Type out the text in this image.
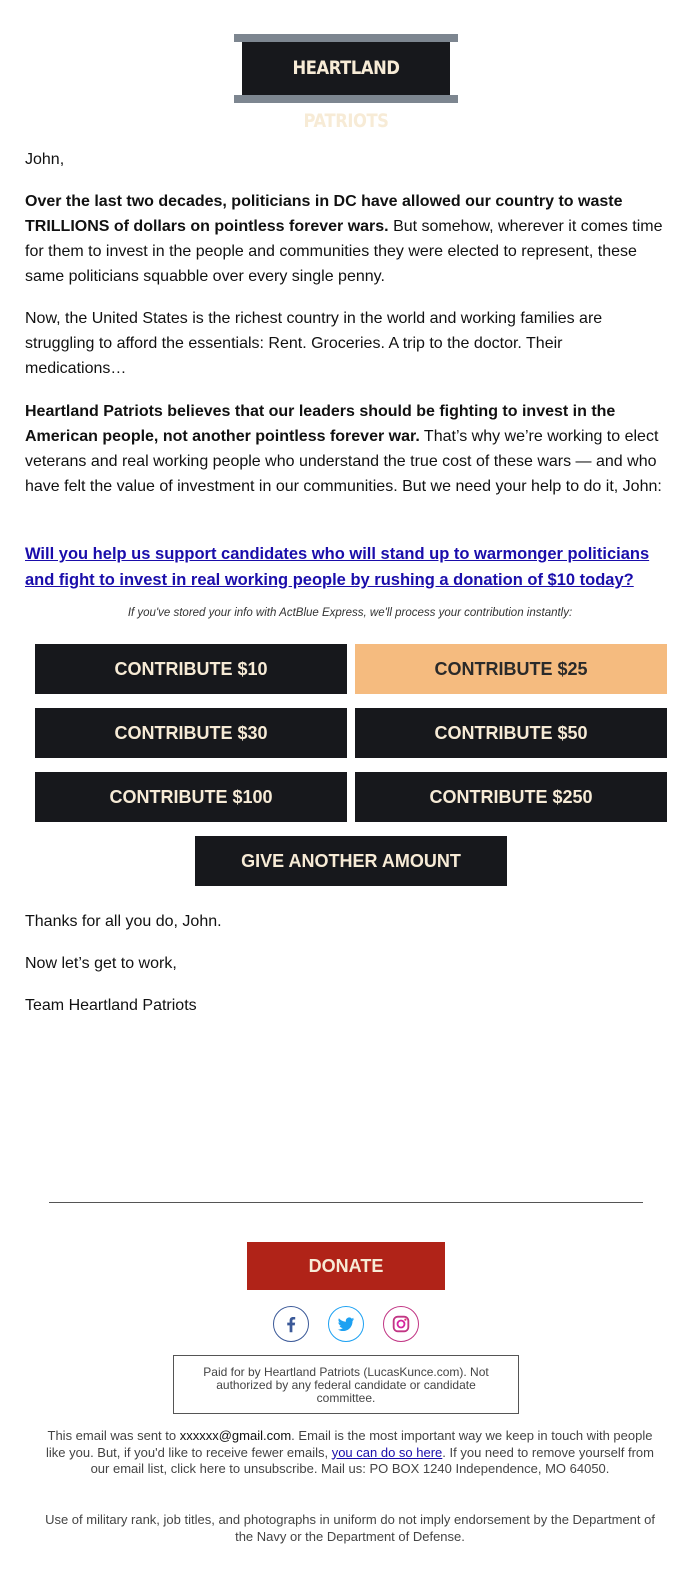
HEARTLAND PATRIOTS
John,
Over the last two decades, politicians in DC have allowed our country to waste TRILLIONS of dollars on pointless forever wars. But somehow, wherever it comes time for them to invest in the people and communities they were elected to represent, these same politicians squabble over every single penny.
Now, the United States is the richest country in the world and working families are struggling to afford the essentials: Rent. Groceries. A trip to the doctor. Their medications…
Heartland Patriots believes that our leaders should be fighting to invest in the American people, not another pointless forever war. That’s why we’re working to elect veterans and real working people who understand the true cost of these wars — and who have felt the value of investment in our communities. But we need your help to do it, John:
Will you help us support candidates who will stand up to warmonger politicians and fight to invest in real working people by rushing a donation of $10 today?
If you've stored your info with ActBlue Express, we'll process your contribution instantly:
CONTRIBUTE $10	CONTRIBUTE $25
CONTRIBUTE $30	CONTRIBUTE $50
CONTRIBUTE $100	CONTRIBUTE $250
GIVE ANOTHER AMOUNT
Thanks for all you do, John.
Now let’s get to work,
Team Heartland Patriots
DONATE
Paid for by Heartland Patriots (LucasKunce.com). Not authorized by any federal candidate or candidate committee.
This email was sent to xxxxxx@gmail.com. Email is the most important way we keep in touch with people like you. But, if you'd like to receive fewer emails, you can do so here. If you need to remove yourself from our email list, click here to unsubscribe. Mail us: PO BOX 1240 Independence, MO 64050.
Use of military rank, job titles, and photographs in uniform do not imply endorsement by the Department of the Navy or the Department of Defense.
